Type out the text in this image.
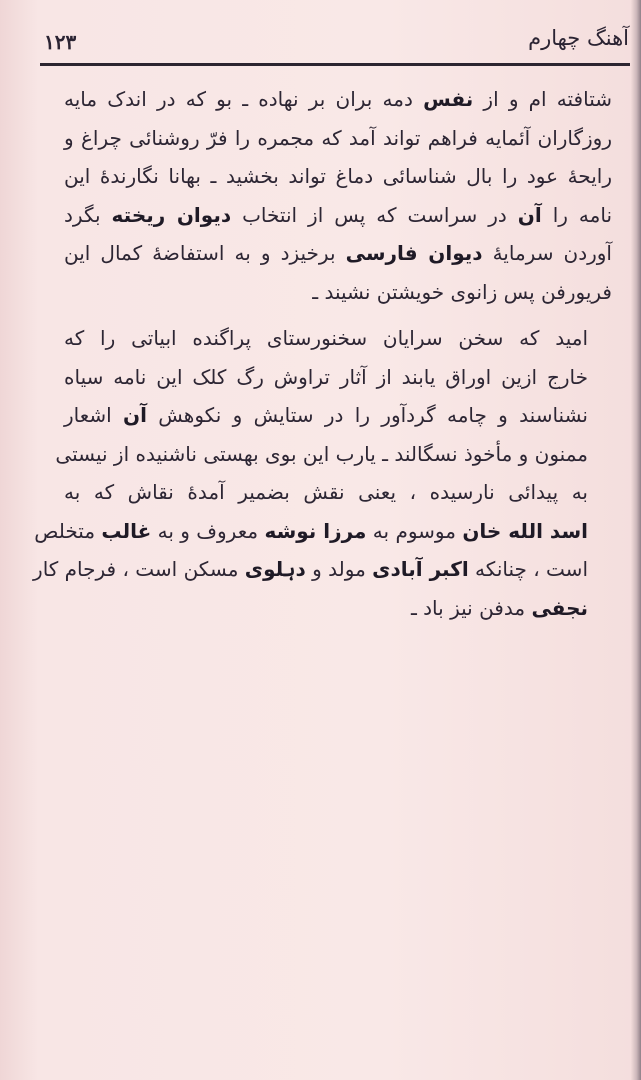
آهنگ چهارم
۱۲۳
شتافته ام و از نفس دمه بران بر نهاده ـ بو که در اندک مایه
روزگاران آئمایه فراهم تواند آمد که مجمره را فرّ روشنائی چراغ و
رایحهٔ عود را بال شناسائی دماغ تواند بخشید ـ بهانا نگارندهٔ این
نامه را آن در سراست که پس از انتخاب دیوان ریخته بگرد
آوردن سرمایهٔ دیوان فارسی برخیزد و به استفاضهٔ کمال این
فریورفن پس زانوی خویشتن نشیند ـ
امید که سخن سرایان سخنورستای پراگنده ابیاتی را که
خارج ازین اوراق یابند از آثار تراوش رگ کلک این نامه سیاه
نشناسند و چامه گردآور را در ستایش و نکوهش آن اشعار
ممنون و مأخوذ نسگالند ـ یارب این بوی بهستی ناشنیده از نیستی
به پیدائی نارسیده ، یعنی نقش بضمیر آمدهٔ نقاش که به
اسد الله خان موسوم به مرزا نوشه معروف و به غالب متخلص
است ، چنانکه اکبر آبادی مولد و دہلوی مسکن است ، فرجام کار
نجفی مدفن نیز باد ـ
